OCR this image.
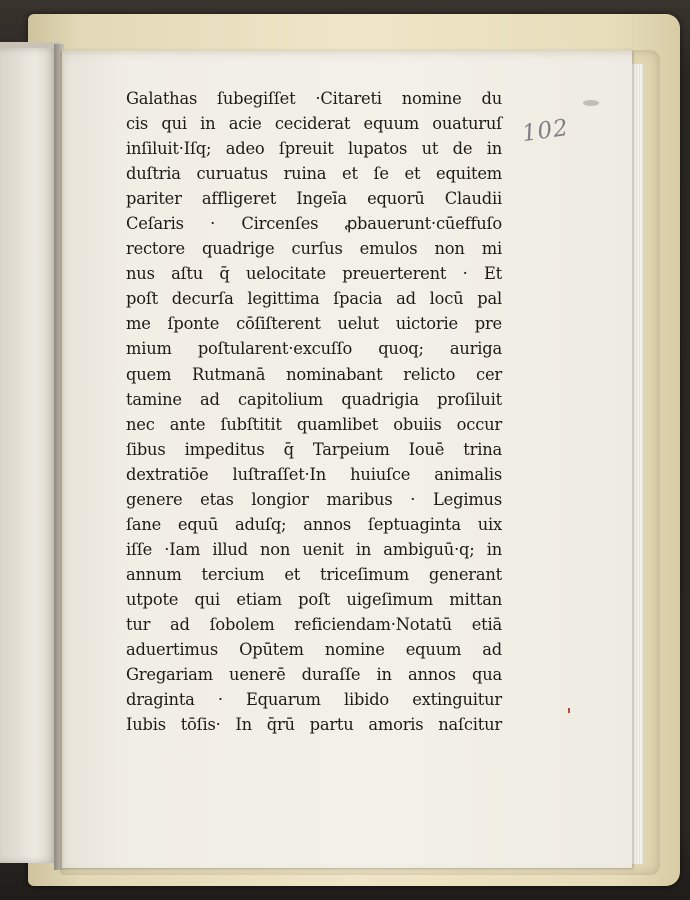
102
Galathas ſubegiſſet ·Citareti nomine du
cis qui in acie ceciderat equum ouaturuſ
inſiluit·Iſq; adeo ſpreuit lupatos ut de in
duſtria curuatus ruina et ſe et equitem
pariter affligeret Ingeīa equorū Claudii
Ceſaris · Circenſes ꝓbauerunt·cūeffuſo
rectore quadrige curſus emulos non mi
nus aſtu q̄ uelocitate preuerterent · Et
poſt decurſa legittima ſpacia ad locū pal
me ſponte cōſiſterent uelut uictorie pre
mium poſtularent·excuſſo quoq; auriga
quem Rutmanā nominabant relicto cer
tamine ad capitolium quadrigia proſiluit
nec ante ſubſtitit quamlibet obuiis occur
ſibus impeditus q̄ Tarpeium Iouē trina
dextratiōe luſtraſſet·In huiuſce animalis
genere etas longior maribus · Legimus
ſane equū aduſq; annos ſeptuaginta uix
iſſe ·Iam illud non uenit in ambiguū·q; in
annum tercium et triceſimum generant
utpote qui etiam poſt uigeſimum mittan
tur ad ſobolem reficiendam·Notatū etiā
aduertimus Opūtem nomine equum ad
Gregariam uenerē duraſſe in annos qua
draginta · Equarum libido extinguitur
Iubis tōſis· In q̄rū partu amoris naſcitur
